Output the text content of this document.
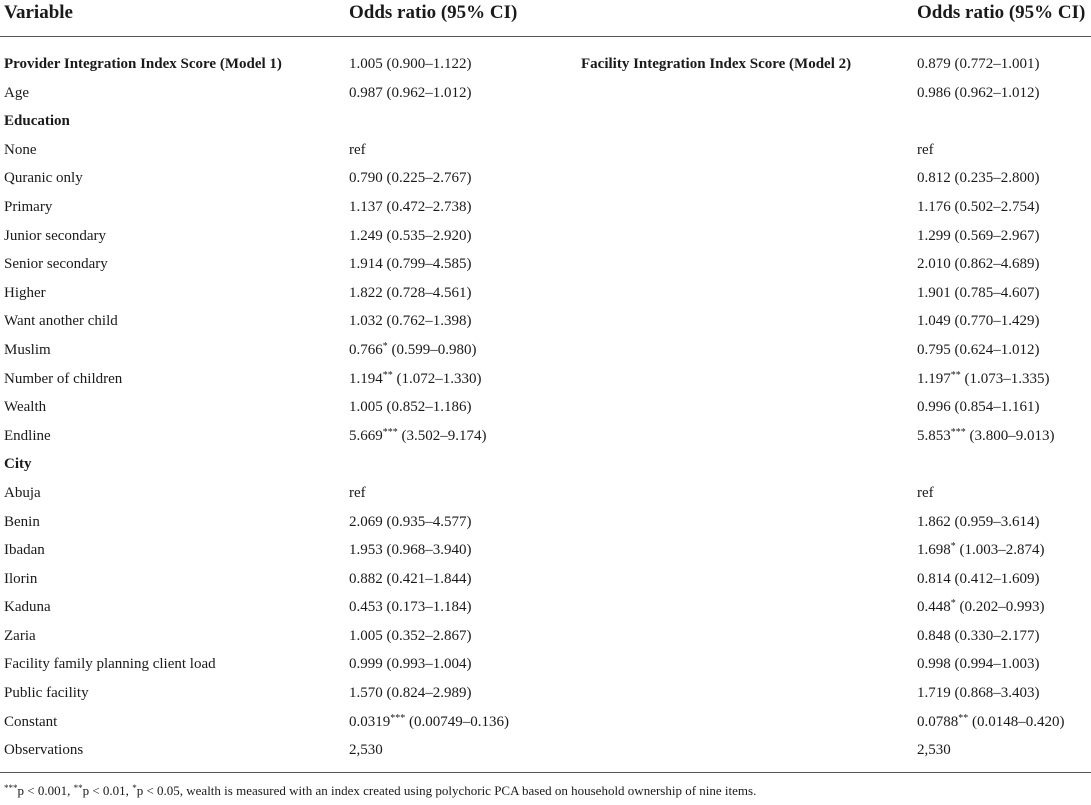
Variable	Odds ratio (95% CI)	Odds ratio (95% CI)
Provider Integration Index Score (Model 1)	1.005 (0.900–1.122)	Facility Integration Index Score (Model 2)	0.879 (0.772–1.001)
Age	0.987 (0.962–1.012)	0.986 (0.962–1.012)
Education
None	ref	ref
Quranic only	0.790 (0.225–2.767)	0.812 (0.235–2.800)
Primary	1.137 (0.472–2.738)	1.176 (0.502–2.754)
Junior secondary	1.249 (0.535–2.920)	1.299 (0.569–2.967)
Senior secondary	1.914 (0.799–4.585)	2.010 (0.862–4.689)
Higher	1.822 (0.728–4.561)	1.901 (0.785–4.607)
Want another child	1.032 (0.762–1.398)	1.049 (0.770–1.429)
Muslim	0.766* (0.599–0.980)	0.795 (0.624–1.012)
Number of children	1.194** (1.072–1.330)	1.197** (1.073–1.335)
Wealth	1.005 (0.852–1.186)	0.996 (0.854–1.161)
Endline	5.669*** (3.502–9.174)	5.853*** (3.800–9.013)
City
Abuja	ref	ref
Benin	2.069 (0.935–4.577)	1.862 (0.959–3.614)
Ibadan	1.953 (0.968–3.940)	1.698* (1.003–2.874)
Ilorin	0.882 (0.421–1.844)	0.814 (0.412–1.609)
Kaduna	0.453 (0.173–1.184)	0.448* (0.202–0.993)
Zaria	1.005 (0.352–2.867)	0.848 (0.330–2.177)
Facility family planning client load	0.999 (0.993–1.004)	0.998 (0.994–1.003)
Public facility	1.570 (0.824–2.989)	1.719 (0.868–3.403)
Constant	0.0319*** (0.00749–0.136)	0.0788** (0.0148–0.420)
Observations	2,530	2,530
***p < 0.001, **p < 0.01, *p < 0.05, wealth is measured with an index created using polychoric PCA based on household ownership of nine items.
